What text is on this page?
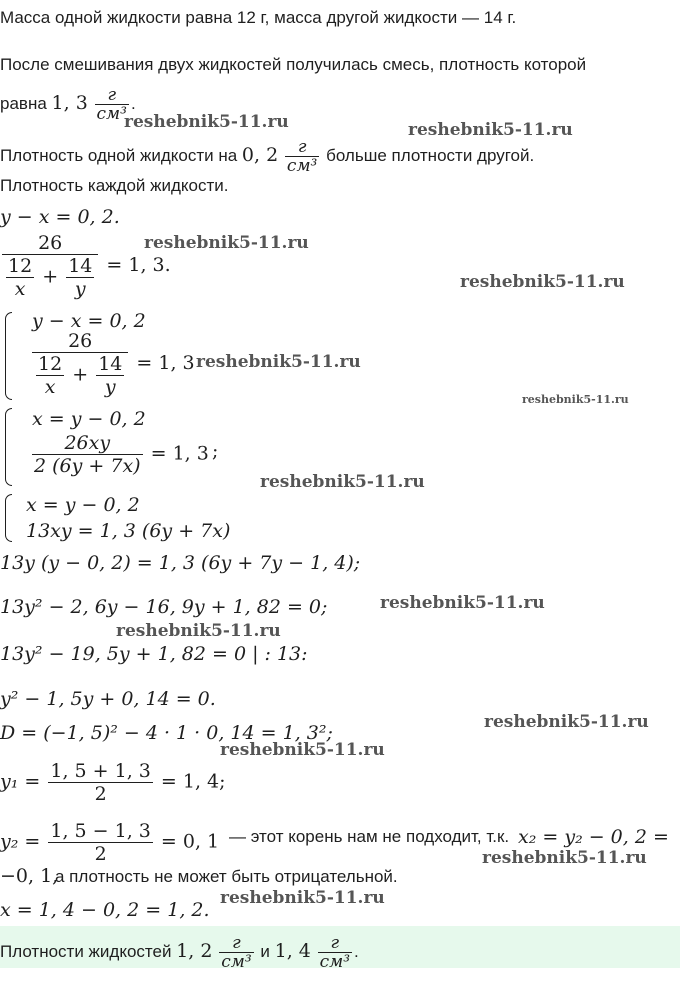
Масса одной жидкости равна 12 г, масса другой жидкости — 14 г.
После смешивания двух жидкостей получилась смесь, плотность которой
равна 1, $3 \frac{г}{\text{см³}}$ .
Плотность одной жидкости на 0, $2 \frac{г}{\text{см³}}$ больше плотности другой.
Плотность каждой жидкости.
y − x = 0, 2.
$\frac{26}{\frac{12}{x} + \frac{14}{y}} = 1$, 3.
y − x = 0, 2
$\frac{26}{\frac{12}{x} + \frac{14}{y}} = 1$, 3
x = y − 0, 2
$\frac{26xy}{2 (6y + 7x)} = 1$, 3 ;
x = y − 0, 2
13xy = 1, 3 (6y + 7x)
13y (y − 0, 2) = 1, 3 (6y + 7y − 1, 4);
13y² − 2, 6y − 16, 9y + 1, 82 = 0;
13y² − 19, 5y + 1, 82 = 0 | : 13:
y² − 1, 5y + 0, 14 = 0.
D = (−1, 5)² − 4 · 1 · 0, 14 = 1, 3²;
$y_1 = \frac{1, 5 + 1, 3}{2} = 1$, 4;
$y_2 = \frac{1, 5 - 1, 3}{2} = 0$, 1 — этот корень нам не подходит, т.к. x₂ = y₂ − 0, 2 =
−0, 1,
а плотность не может быть отрицательной.
x = 1, 4 − 0, 2 = 1, 2.
Плотности жидкостей 1, $2 \frac{г}{\text{см³}}$ и 1, $4 \frac{г}{\text{см³}}$ .
reshebnik5-11.ru	reshebnik5-11.ru
reshebnik5-11.ru
reshebnik5-11.ru
reshebnik5-11.ru
reshebnik5-11.ru
reshebnik5-11.ru
reshebnik5-11.ru
reshebnik5-11.ru
reshebnik5-11.ru
reshebnik5-11.ru
reshebnik5-11.ru
reshebnik5-11.ru
